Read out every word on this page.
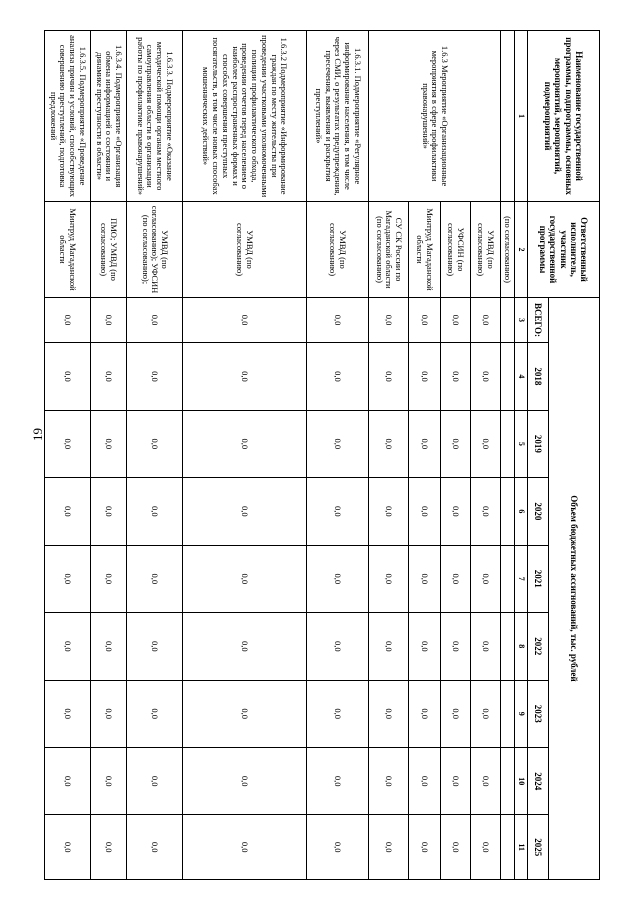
19
Наименование государственной программы, подпрограммы, основных мероприятий, мероприятий, подмероприятий	Ответственный исполнитель, участник государственной программы	Объем бюджетных ассигнований, тыс. рублей								
		ВСЕГО:	2018	2019	2020	2021	2022	2023	2024	2025
1	2	3	4	5	6	7	8	9	10	11
	(по согласованию)									
1.6.3 Мероприятие «Организационные мероприятия в сфере профилактики правонарушений»	УМВД (по согласованию)	0,0	0,0	0,0	0,0	0,0	0,0	0,0	0,0	0,0
	УФСИН (по согласованию)	0,0	0,0	0,0	0,0	0,0	0,0	0,0	0,0	0,0
	Минтруд Магаданской области	0,0	0,0	0,0	0,0	0,0	0,0	0,0	0,0	0,0
	СУ СК России по Магаданской области (по согласованию)	0,0	0,0	0,0	0,0	0,0	0,0	0,0	0,0	0,0
1.6.3.1. Подмероприятие «Регулярное информирование населения, в том числе через СМИ, о результатах предупреждения, пресечения, выявления и раскрытия преступлений»	УМВД (по согласованию)	0,0	0,0	0,0	0,0	0,0	0,0	0,0	0,0	0,0
1.6.3.2 Подмероприятие «Информирование граждан по месту жительства при проведении участковыми уполномоченными полиции профилактического обхода, проведении отчетов перед населением о наиболее распространенных формах и способах совершения преступных посягательств, в том числе новых способах мошеннических действий»	УМВД (по согласованию)	0,0	0,0	0,0	0,0	0,0	0,0	0,0	0,0	0,0
1.6.3.3. Подмероприятие «Оказание методической помощи органам местного самоуправления области в организации работы по профилактике правонарушений»	УМВД (по согласованию); УФСИН (по согласованию);	0,0	0,0	0,0	0,0	0,0	0,0	0,0	0,0	0,0
1.6.3.4. Подмероприятие «Организация обмена информацией о состоянии и динамике преступности в области»	ПМО; УМВД (по согласованию)	0,0	0,0	0,0	0,0	0,0	0,0	0,0	0,0	0,0
1.6.3.5. Подмероприятие «Проведение анализа причин и условий, способствующих совершению преступлений, подготовка предложений	Минтруд Магаданской области	0,0	0,0	0,0	0,0	0,0	0,0	0,0	0,0	0,0
